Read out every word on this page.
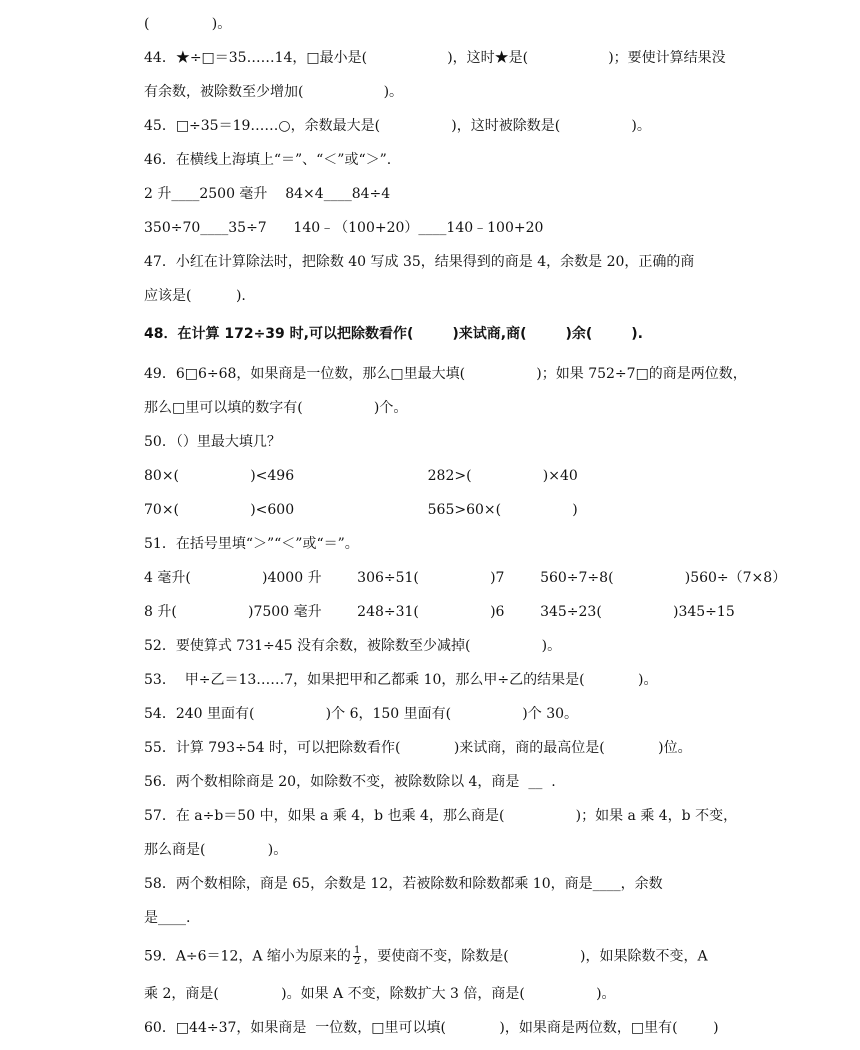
(              )。
44．★÷□＝35……14，□最小是(                  )，这时★是(                  )；要使计算结果没
有余数，被除数至少增加(                  )。
45．□÷35＝19……○，余数最大是(                )，这时被除数是(                )。
46．在横线上海填上“＝”、“＜”或“＞”.
2 升____2500 毫升    84×4____84÷4
350÷70____35÷7      140﹣（100+20）____140﹣100+20
47．小红在计算除法时，把除数 40 写成 35，结果得到的商是 4，余数是 20，正确的商
应该是(          ).
48．在计算 172÷39 时,可以把除数看作(        )来试商,商(        )余(        ).
49．6□6÷68，如果商是一位数，那么□里最大填(                )；如果 752÷7□的商是两位数，
那么□里可以填的数字有(                )个。
50．（）里最大填几？
80×(                )<496                              282>(                )×40
70×(                )<600                              565>60×(                )
51．在括号里填“＞”“＜”或“＝”。
4 毫升(                )4000 升        306÷51(                )7        560÷7÷8(                )560÷（7×8）
8 升(                )7500 毫升        248÷31(                )6        345÷23(                )345÷15
52．要使算式 731÷45 没有余数，被除数至少减掉(                )。
53．  甲÷乙＝13……7，如果把甲和乙都乘 10，那么甲÷乙的结果是(            )。
54．240 里面有(                )个 6，150 里面有(                )个 30。
55．计算 793÷54 时，可以把除数看作(            )来试商，商的最高位是(            )位。
56．两个数相除商是 20，如除数不变，被除数除以 4，商是  __  .
57．在 a÷b＝50 中，如果 a 乘 4，b 也乘 4，那么商是(                )；如果 a 乘 4，b 不变，
那么商是(              )。
58．两个数相除，商是 65，余数是 12，若被除数和除数都乘 10，商是____，余数
是____.
59．A÷6＝12，A 缩小为原来的 $\frac{1}{2}$ ，要使商不变，除数是(                )，如果除数不变，A
乘 2，商是(              )。如果 A 不变，除数扩大 3 倍，商是(                )。
60．□44÷37，如果商是  一位数，□里可以填(            )，如果商是两位数，□里有(        )
